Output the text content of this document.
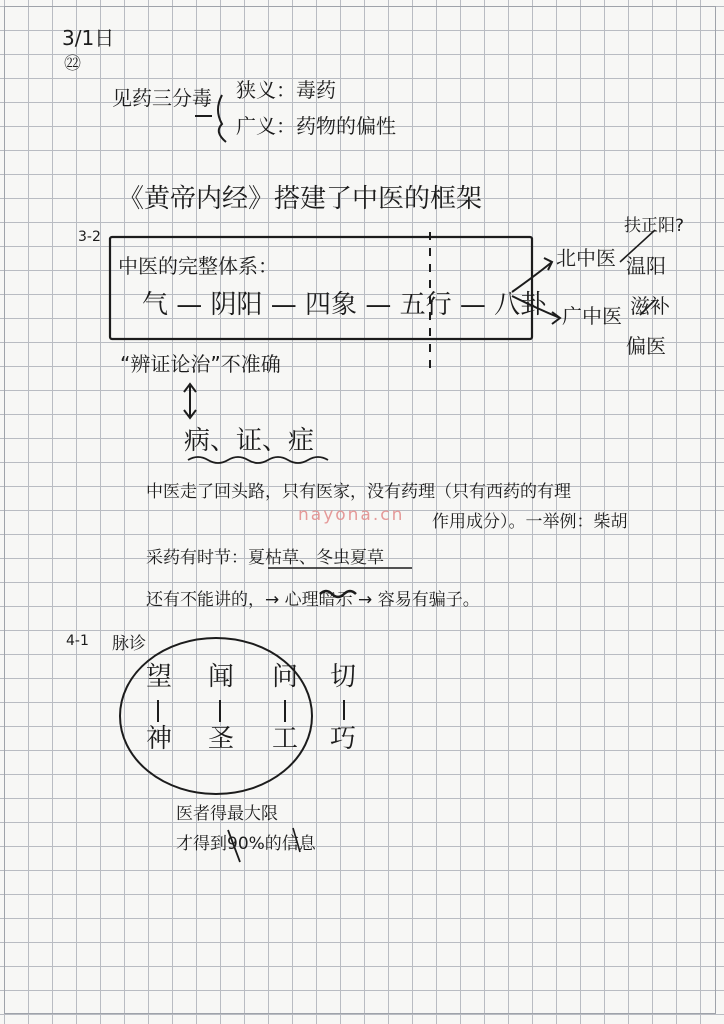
3/1日
㉒
见药三分毒 狭义：毒药
广义：药物的偏性
《黄帝内经》搭建了中医的框架
3-2
中医的完整体系：
气 — 阴阳 — 四象 — 五行 — 八卦
北中医
广中医
扶正阳?
温阳
滋补
偏医
“辨证论治”不准确
病、证、症
中医走了回头路，只有医家，没有药理（只有西药的有理
作用成分）。一举例：柴胡
采药有时节：夏枯草、冬虫夏草
还有不能讲的，→ 心理暗示 → 容易有骗子。
nayona.cn
4-1 脉诊
望 闻 问 切
神 圣 工 巧
医者得最大限
才得到90%的信息
